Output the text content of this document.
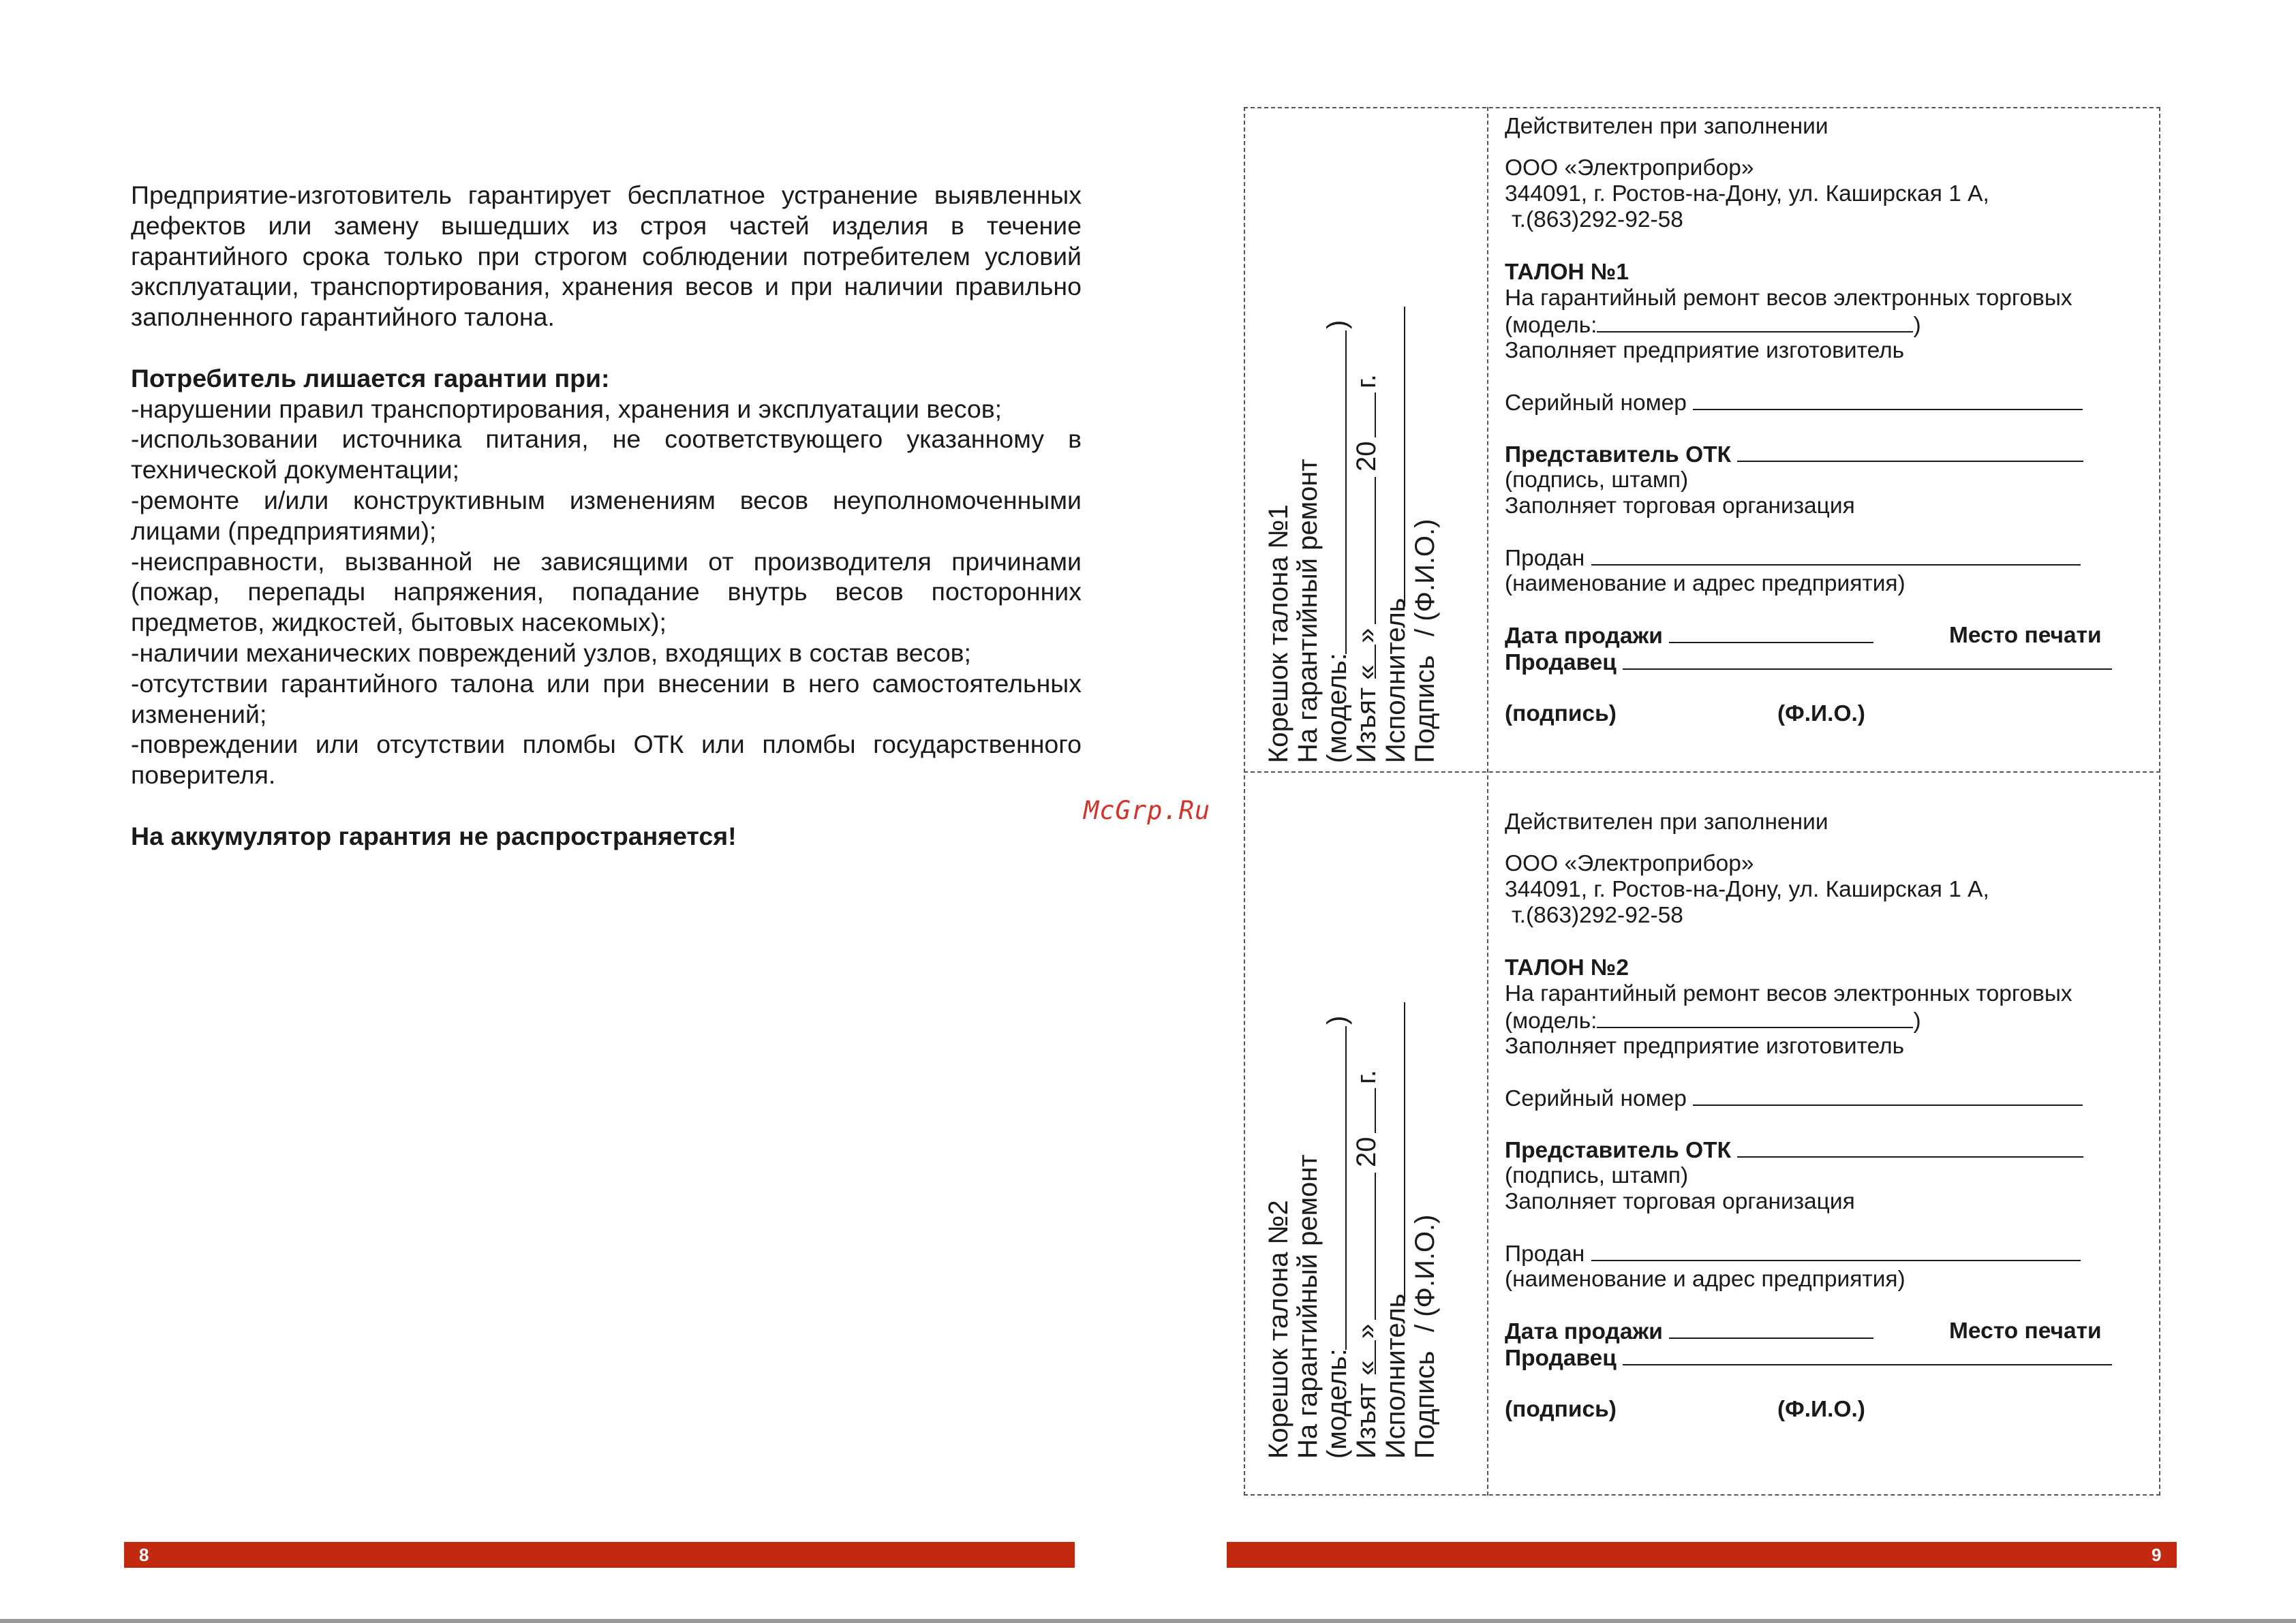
Предприятие-изготовитель гарантирует бесплатное устранение выявленных дефектов или замену вышедших из строя частей изделия в течение гарантийного срока только при строгом соблюдении потребителем условий эксплуатации, транспортирования, хранения весов и при наличии правильно заполненного гарантийного талона.

Потребитель лишается гарантии при:

-нарушении правил транспортирования, хранения и эксплуатации весов;

-использовании источника питания, не соответствующего указанному в технической документации;

-ремонте и/или конструктивным изменениям весов неуполномоченными лицами (предприятиями);

-неисправности, вызванной не зависящими от производителя причинами (пожар, перепады напряжения, попадание внутрь весов посторонних предметов, жидкостей, бытовых насекомых);

-наличии механических повреждений узлов, входящих в состав весов;

-отсутствии гарантийного талона или при внесении в него самостоятельных изменений;

-повреждении или отсутствии пломбы ОТК или пломбы государственного поверителя.

На аккумулятор гарантия не распространяется!

McGrp.Ru
8	9
Корешок талона №1 На гарантийный ремонт (модель:
)
Изъят «
»
20
г.
Исполнитель Подпись
/ (Ф.И.О.)
Корешок талона №2 На гарантийный ремонт (модель:
)
Изъят «
»
20
г.
Исполнитель Подпись
/ (Ф.И.О.)
Действителен при заполнении
ООО «Электроприбор»
344091, г. Ростов-на-Дону, ул. Каширская 1 А,
т.(863)292-92-58
ТАЛОН №1
На гарантийный ремонт весов электронных торговых
(модель:	)
Заполняет предприятие изготовитель
Серийный номер
Представитель ОТК
(подпись, штамп)
Заполняет торговая организация
Продан
(наименование и адрес предприятия)
Дата продажи	Место печати
Продавец
(подпись)	(Ф.И.О.)
Действителен при заполнении
ООО «Электроприбор»
344091, г. Ростов-на-Дону, ул. Каширская 1 А,
т.(863)292-92-58
ТАЛОН №2
На гарантийный ремонт весов электронных торговых
(модель:	)
Заполняет предприятие изготовитель
Серийный номер
Представитель ОТК
(подпись, штамп)
Заполняет торговая организация
Продан
(наименование и адрес предприятия)
Дата продажи	Место печати
Продавец
(подпись)	(Ф.И.О.)
